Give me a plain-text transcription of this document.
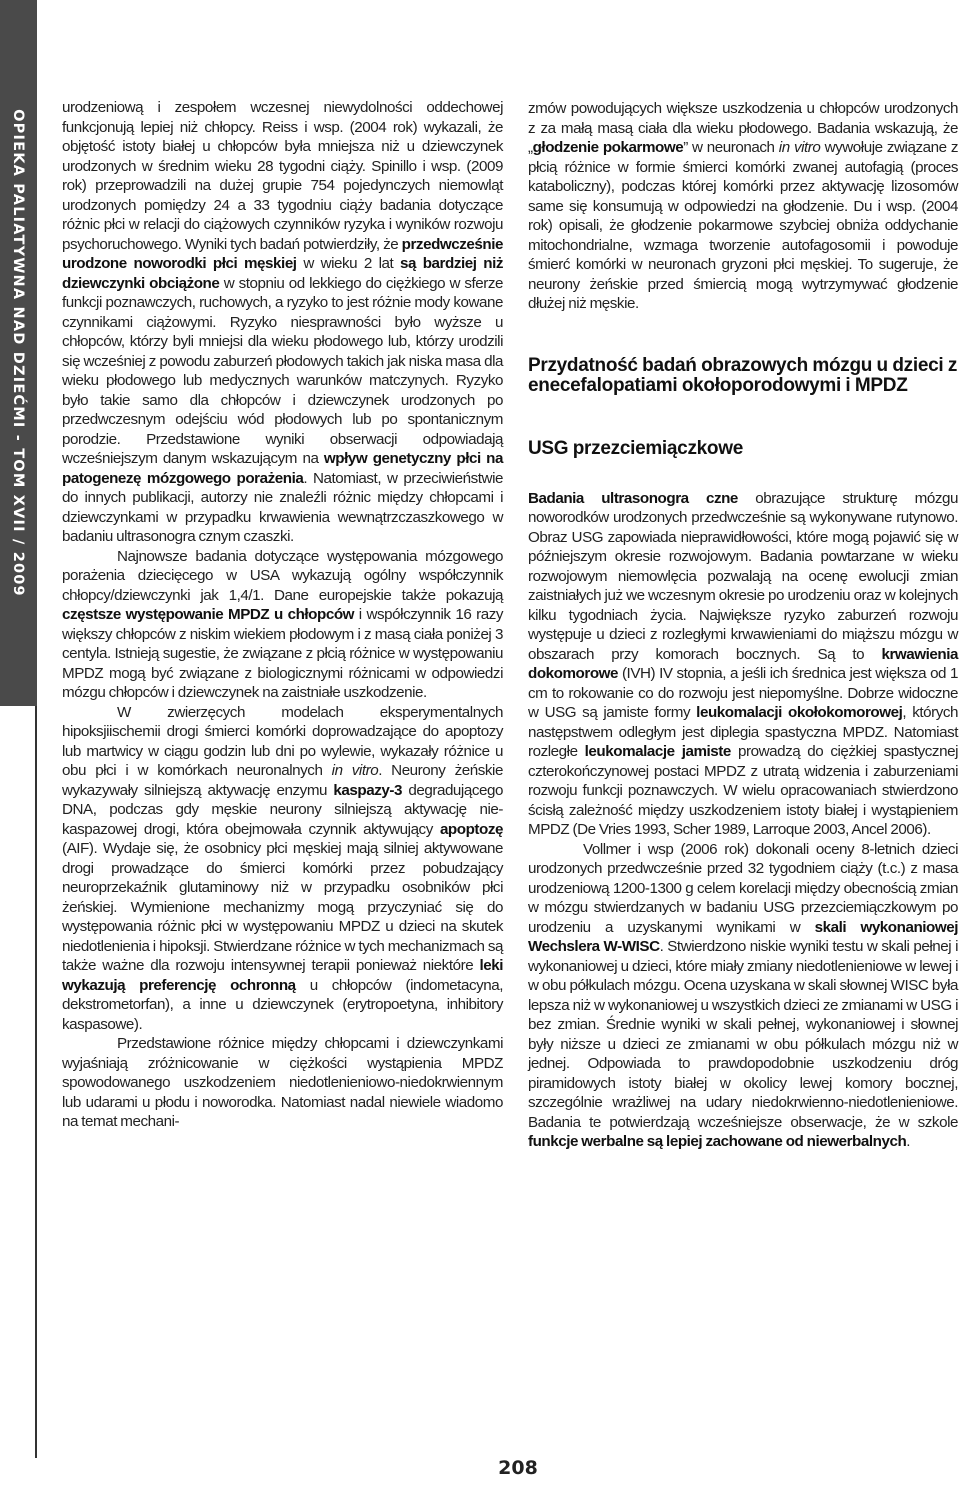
OPIEKA PALIATYWNA NAD DZIEĆMI - TOM XVII / 2009

urodzeniową i zespołem wczesnej niewydolności oddechowej funkcjonują lepiej niż chłopcy. Reiss i wsp. (2004 rok) wykazali, że objętość istoty białej u chłopców była mniejsza niż u dziewczynek urodzonych w średnim wieku 28 tygodni ciąży. Spinillo i wsp. (2009 rok) przeprowadzili na dużej grupie 754 pojedynczych niemowląt urodzonych pomiędzy 24 a 33 tygodniu ciąży badania dotyczące różnic płci w relacji do ciążowych czynników ryzyka i wyników rozwoju psychoruchowego. Wyniki tych badań potwierdziły, że przedwcześnie urodzone noworodki płci męskiej w wieku 2 lat są bardziej niż dziewczynki obciążone w stopniu od lekkiego do ciężkiego w sferze funkcji poznawczych, ruchowych, a ryzyko to jest różnie mody kowane czynnikami ciążowymi. Ryzyko niesprawności było wyższe u chłopców, którzy byli mniejsi dla wieku płodowego lub, którzy urodzili się wcześniej z powodu zaburzeń płodowych takich jak niska masa dla wieku płodowego lub medycznych warunków matczynych. Ryzyko było takie samo dla chłopców i dziewczynek urodzonych po przedwczesnym odejściu wód płodowych lub po spontanicznym porodzie. Przedstawione wyniki obserwacji odpowiadają wcześniejszym danym wskazującym na wpływ genetyczny płci na patogenezę mózgowego porażenia. Natomiast, w przeciwieństwie do innych publikacji, autorzy nie znaleźli różnic między chłopcami i dziewczynkami w przypadku krwawienia wewnątrzczaszkowego w badaniu ultrasonogra cznym czaszki.

Najnowsze badania dotyczące występowania mózgowego porażenia dziecięcego w USA wykazują ogólny współczynnik chłopcy/dziewczynki jak 1,4/1. Dane europejskie także pokazują częstsze występowanie MPDZ u chłopców i współczynnik 16 razy większy chłopców z niskim wiekiem płodowym i z masą ciała poniżej 3 centyla. Istnieją sugestie, że związane z płcią różnice w występowaniu MPDZ mogą być związane z biologicznymi różnicami w odpowiedzi mózgu chłopców i dziewczynek na zaistniałe uszkodzenie.

W zwierzęcych modelach eksperymentalnych hipoksjiischemii drogi śmierci komórki doprowadzające do apoptozy lub martwicy w ciągu godzin lub dni po wylewie, wykazały różnice u obu płci i w komórkach neuronalnych in vitro. Neurony żeńskie wykazywały silniejszą aktywację enzymu kaspazy-3 degradującego DNA, podczas gdy męskie neurony silniejszą aktywację nie-kaspazowej drogi, która obejmowała czynnik aktywujący apoptozę (AIF). Wydaje się, że osobnicy płci męskiej mają silniej aktywowane drogi prowadzące do śmierci komórki przez pobudzający neuroprzekaźnik glutaminowy niż w przypadku osobników płci żeńskiej. Wymienione mechanizmy mogą przyczyniać się do występowania różnic płci w występowaniu MPDZ u dzieci na skutek niedotlenienia i hipoksji. Stwierdzane różnice w tych mechanizmach są także ważne dla rozwoju intensywnej terapii ponieważ niektóre leki wykazują preferencję ochronną u chłopców (indometacyna, dekstrometorfan), a inne u dziewczynek (erytropoetyna, inhibitory kaspasowe).

Przedstawione różnice między chłopcami i dziewczynkami wyjaśniają zróżnicowanie w ciężkości wystąpienia MPDZ spowodowanego uszkodzeniem niedotlenieniowo-niedokrwiennym lub udarami u płodu i noworodka. Natomiast nadal niewiele wiadomo na temat mechani-

zmów powodujących większe uszkodzenia u chłopców urodzonych z za małą masą ciała dla wieku płodowego. Badania wskazują, że „głodzenie pokarmowe” w neuronach in vitro wywołuje związane z płcią różnice w formie śmierci komórki zwanej autofagią (proces kataboliczny), podczas której komórki przez aktywację lizosomów same się konsumują w odpowiedzi na głodzenie. Du i wsp. (2004 rok) opisali, że głodzenie pokarmowe szybciej obniża oddychanie mitochondrialne, wzmaga tworzenie autofagosomii i powoduje śmierć komórki w neuronach gryzoni płci męskiej. To sugeruje, że neurony żeńskie przed śmiercią mogą wytrzymywać głodzenie dłużej niż męskie.

Przydatność badań obrazowych mózgu u dzieci z enecefalopatiami okołoporodowymi i MPDZ
USG przezciemiączkowe

Badania ultrasonogra czne obrazujące strukturę mózgu noworodków urodzonych przedwcześnie są wykonywane rutynowo. Obraz USG zapowiada nieprawidłowości, które mogą pojawić się w późniejszym okresie rozwojowym. Badania powtarzane w wieku rozwojowym niemowlęcia pozwalają na ocenę ewolucji zmian zaistniałych już we wczesnym okresie po urodzeniu oraz w kolejnych kilku tygodniach życia. Największe ryzyko zaburzeń rozwoju występuje u dzieci z rozległymi krwawieniami do miąższu mózgu w obszarach przy komorach bocznych. Są to krwawienia dokomorowe (IVH) IV stopnia, a jeśli ich średnica jest większa od 1 cm to rokowanie co do rozwoju jest niepomyślne. Dobrze widoczne w USG są jamiste formy leukomalacji okołokomorowej, których następstwem odległym jest diplegia spastyczna MPDZ. Natomiast rozległe leukomalacje jamiste prowadzą do ciężkiej spastycznej czterokończynowej postaci MPDZ z utratą widzenia i zaburzeniami rozwoju funkcji poznawczych. W wielu opracowaniach stwierdzono ścisłą zależność między uszkodzeniem istoty białej i wystąpieniem MPDZ (De Vries 1993, Scher 1989, Larroque 2003, Ancel 2006).

Vollmer i wsp (2006 rok) dokonali oceny 8-letnich dzieci urodzonych przedwcześnie przed 32 tygodniem ciąży (t.c.) z masa urodzeniową 1200-1300 g celem korelacji między obecnością zmian w mózgu stwierdzanych w badaniu USG przezciemiączkowym po urodzeniu a uzyskanymi wynikami w skali wykonaniowej Wechslera W-WISC. Stwierdzono niskie wyniki testu w skali pełnej i wykonaniowej u dzieci, które miały zmiany niedotlenieniowe w lewej i w obu półkulach mózgu. Ocena uzyskana w skali słownej WISC była lepsza niż w wykonaniowej u wszystkich dzieci ze zmianami w USG i bez zmian. Średnie wyniki w skali pełnej, wykonaniowej i słownej były niższe u dzieci ze zmianami w obu półkulach mózgu niż w jednej. Odpowiada to prawdopodobnie uszkodzeniu dróg piramidowych istoty białej w okolicy lewej komory bocznej, szczególnie wrażliwej na udary niedokrwienno-niedotlenieniowe. Badania te potwierdzają wcześniejsze obserwacje, że w szkole funkcje werbalne są lepiej zachowane od niewerbalnych.

208
